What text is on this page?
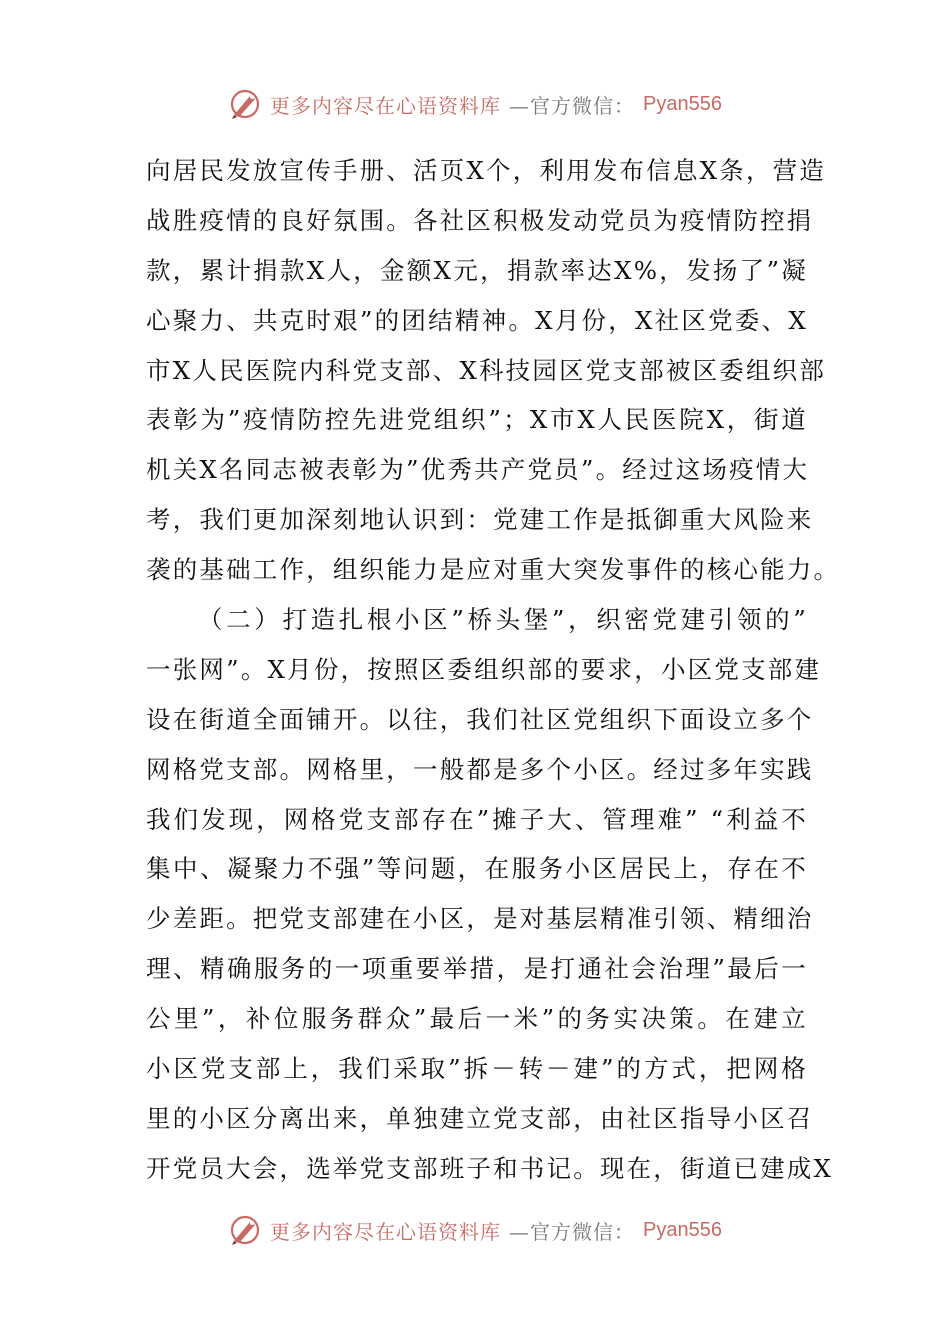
更多内容尽在心语资料库 —官方微信： Pyan556
向居民发放宣传手册、活页X个，利用发布信息X条，营造
战胜疫情的良好氛围。各社区积极发动党员为疫情防控捐
款，累计捐款X人，金额X元，捐款率达X%，发扬了”凝
心聚力、共克时艰”的团结精神。X月份，X社区党委、X
市X人民医院内科党支部、X科技园区党支部被区委组织部
表彰为”疫情防控先进党组织”；X市X人民医院X，街道
机关X名同志被表彰为”优秀共产党员”。经过这场疫情大
考，我们更加深刻地认识到：党建工作是抵御重大风险来
袭的基础工作，组织能力是应对重大突发事件的核心能力。
（二）打造扎根小区”桥头堡”，织密党建引领的”
一张网”。X月份，按照区委组织部的要求，小区党支部建
设在街道全面铺开。以往，我们社区党组织下面设立多个
网格党支部。网格里，一般都是多个小区。经过多年实践
我们发现，网格党支部存在”摊子大、管理难” “利益不
集中、凝聚力不强”等问题，在服务小区居民上，存在不
少差距。把党支部建在小区，是对基层精准引领、精细治
理、精确服务的一项重要举措，是打通社会治理”最后一
公里”，补位服务群众”最后一米”的务实决策。在建立
小区党支部上，我们采取”拆－转－建”的方式，把网格
里的小区分离出来，单独建立党支部，由社区指导小区召
开党员大会，选举党支部班子和书记。现在，街道已建成X
更多内容尽在心语资料库 —官方微信： Pyan556
